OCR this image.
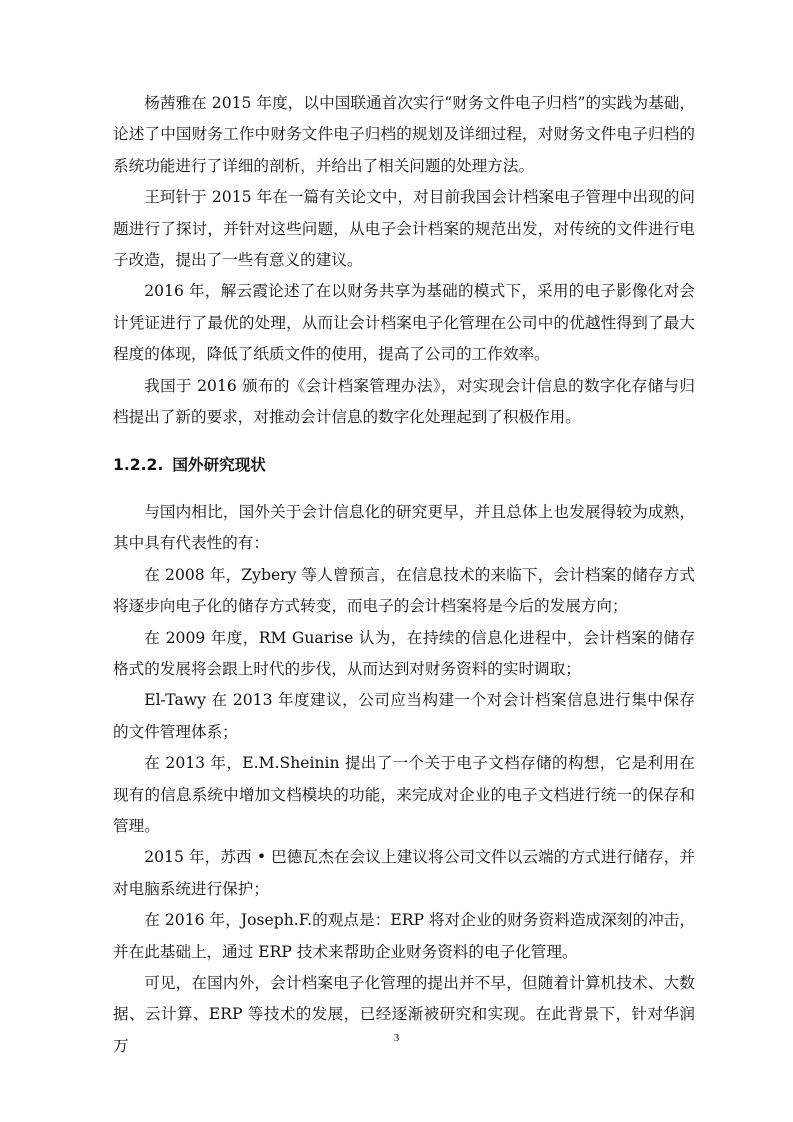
杨茜雅在 2015 年度，以中国联通首次实行“财务文件电子归档”的实践为基础，论述了中国财务工作中财务文件电子归档的规划及详细过程，对财务文件电子归档的系统功能进行了详细的剖析，并给出了相关问题的处理方法。

王珂针于 2015 年在一篇有关论文中，对目前我国会计档案电子管理中出现的问题进行了探讨，并针对这些问题，从电子会计档案的规范出发，对传统的文件进行电子改造，提出了一些有意义的建议。

2016 年，解云霞论述了在以财务共享为基础的模式下，采用的电子影像化对会计凭证进行了最优的处理，从而让会计档案电子化管理在公司中的优越性得到了最大程度的体现，降低了纸质文件的使用，提高了公司的工作效率。

我国于 2016 颁布的《会计档案管理办法》，对实现会计信息的数字化存储与归档提出了新的要求，对推动会计信息的数字化处理起到了积极作用。

1.2.2. 国外研究现状

与国内相比，国外关于会计信息化的研究更早，并且总体上也发展得较为成熟，其中具有代表性的有：

在 2008 年，Zybery 等人曾预言，在信息技术的来临下，会计档案的储存方式将逐步向电子化的储存方式转变，而电子的会计档案将是今后的发展方向；

在 2009 年度，RM Guarise 认为，在持续的信息化进程中，会计档案的储存格式的发展将会跟上时代的步伐，从而达到对财务资料的实时调取；

El-Tawy 在 2013 年度建议，公司应当构建一个对会计档案信息进行集中保存的文件管理体系；

在 2013 年，E.M.Sheinin 提出了一个关于电子文档存储的构想，它是利用在现有的信息系统中增加文档模块的功能，来完成对企业的电子文档进行统一的保存和管理。

2015 年，苏西 • 巴德瓦杰在会议上建议将公司文件以云端的方式进行储存，并对电脑系统进行保护；

在 2016 年，Joseph.F.的观点是：ERP 将对企业的财务资料造成深刻的冲击，并在此基础上，通过 ERP 技术来帮助企业财务资料的电子化管理。

可见，在国内外，会计档案电子化管理的提出并不早，但随着计算机技术、大数据、云计算、ERP 等技术的发展，已经逐渐被研究和实现。在此背景下，针对华润万	3
